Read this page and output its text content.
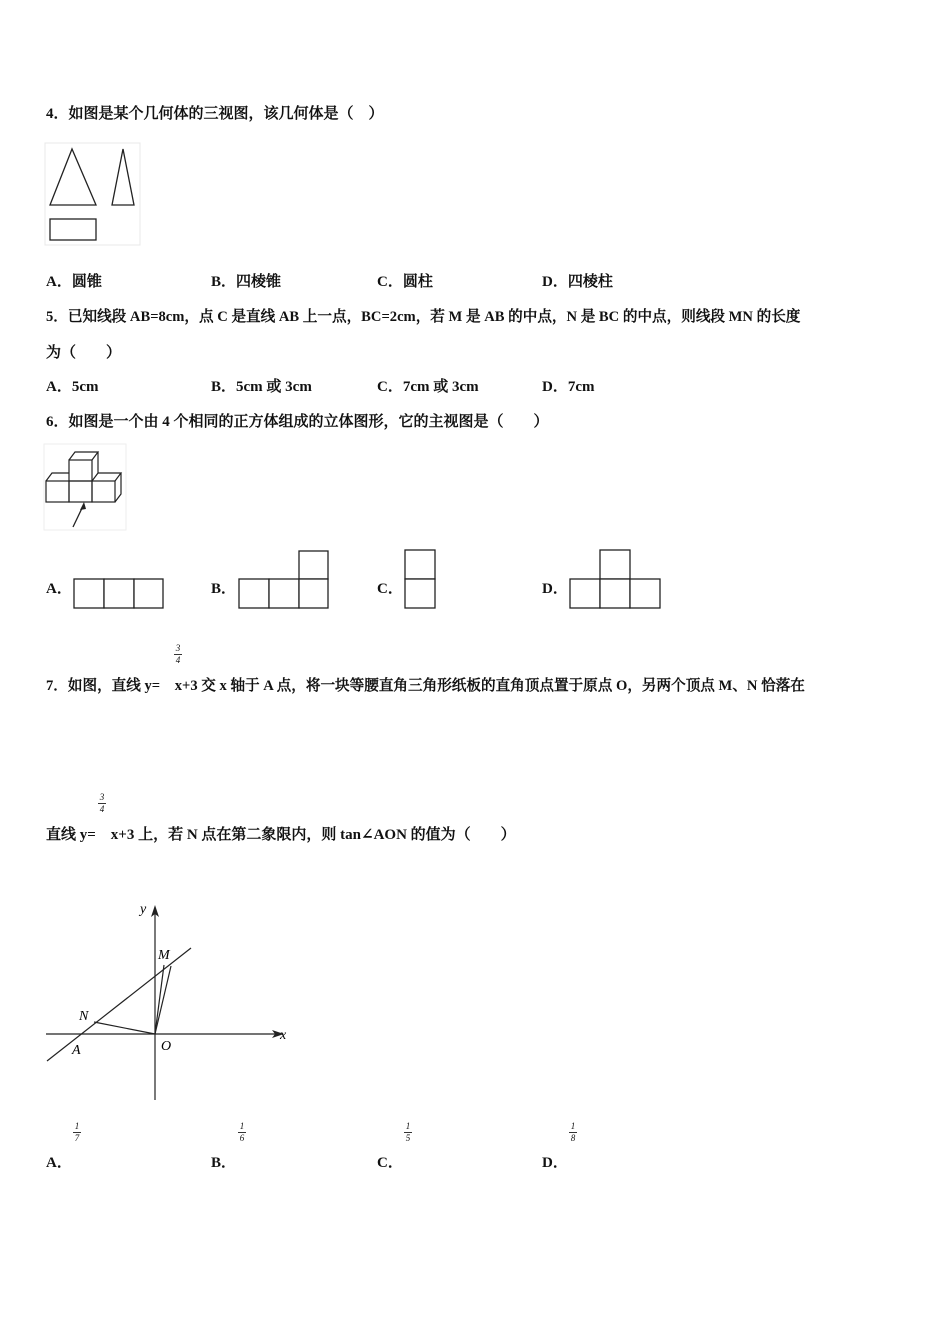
4．如图是某个几何体的三视图，该几何体是（　）
A．圆锥	B．四棱锥	C．圆柱	D．四棱柱
5．已知线段 AB=8cm，点 C 是直线 AB 上一点，BC=2cm，若 M 是 AB 的中点，N 是 BC 的中点，则线段 MN 的长度
为（　　）
A．5cm	B．5cm 或 3cm	C．7cm 或 3cm	D．7cm
6．如图是一个由 4 个相同的正方体组成的立体图形，它的主视图是（　　）
A．	B．	C．	D．
3
4
7．如图，直线 y=　x+3 交 x 轴于 A 点，将一块等腰直角三角形纸板的直角顶点置于原点 O，另两个顶点 M、N 恰落在
3
4
直线 y=　x+3 上，若 N 点在第二象限内，则 tan∠AON 的值为（　　）
y
x
M
N
A	O
A．
1
7
B．
1
6
C．
1
5
D．
1
8
